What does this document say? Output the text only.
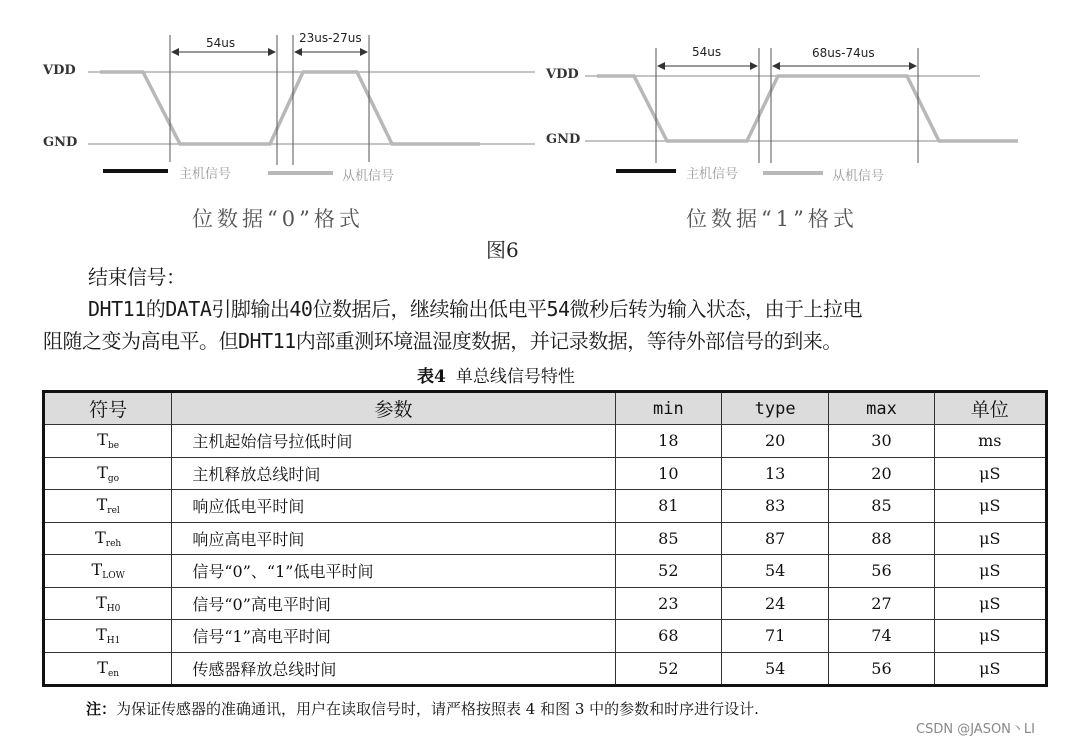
VDD
GND
54us	23us-27us
主机信号	从机信号
位数据“0”格式
VDD
GND
54us	68us-74us
主机信号	从机信号
位数据“1”格式
图6
结束信号：
DHT11的DATA引脚输出40位数据后，继续输出低电平54微秒后转为输入状态，由于上拉电
阻随之变为高电平。但DHT11内部重测环境温湿度数据，并记录数据，等待外部信号的到来。
表4 单总线信号特性
符号	参数	min	type	max	单位
$T_{be}$	主机起始信号拉低时间	18	20	30	ms
$T_{go}$	主机释放总线时间	10	13	20	μS
$T_{rel}$	响应低电平时间	81	83	85	μS
$T_{reh}$	响应高电平时间	85	87	88	μS
$T_{LOW}$	信号“0”、“1”低电平时间	52	54	56	μS
$T_{H0}$	信号“0”高电平时间	23	24	27	μS
$T_{H1}$	信号“1”高电平时间	68	71	74	μS
$T_{en}$	传感器释放总线时间	52	54	56	μS
注：为保证传感器的准确通讯，用户在读取信号时，请严格按照表 4 和图 3 中的参数和时序进行设计.
CSDN @JASON丶LI
